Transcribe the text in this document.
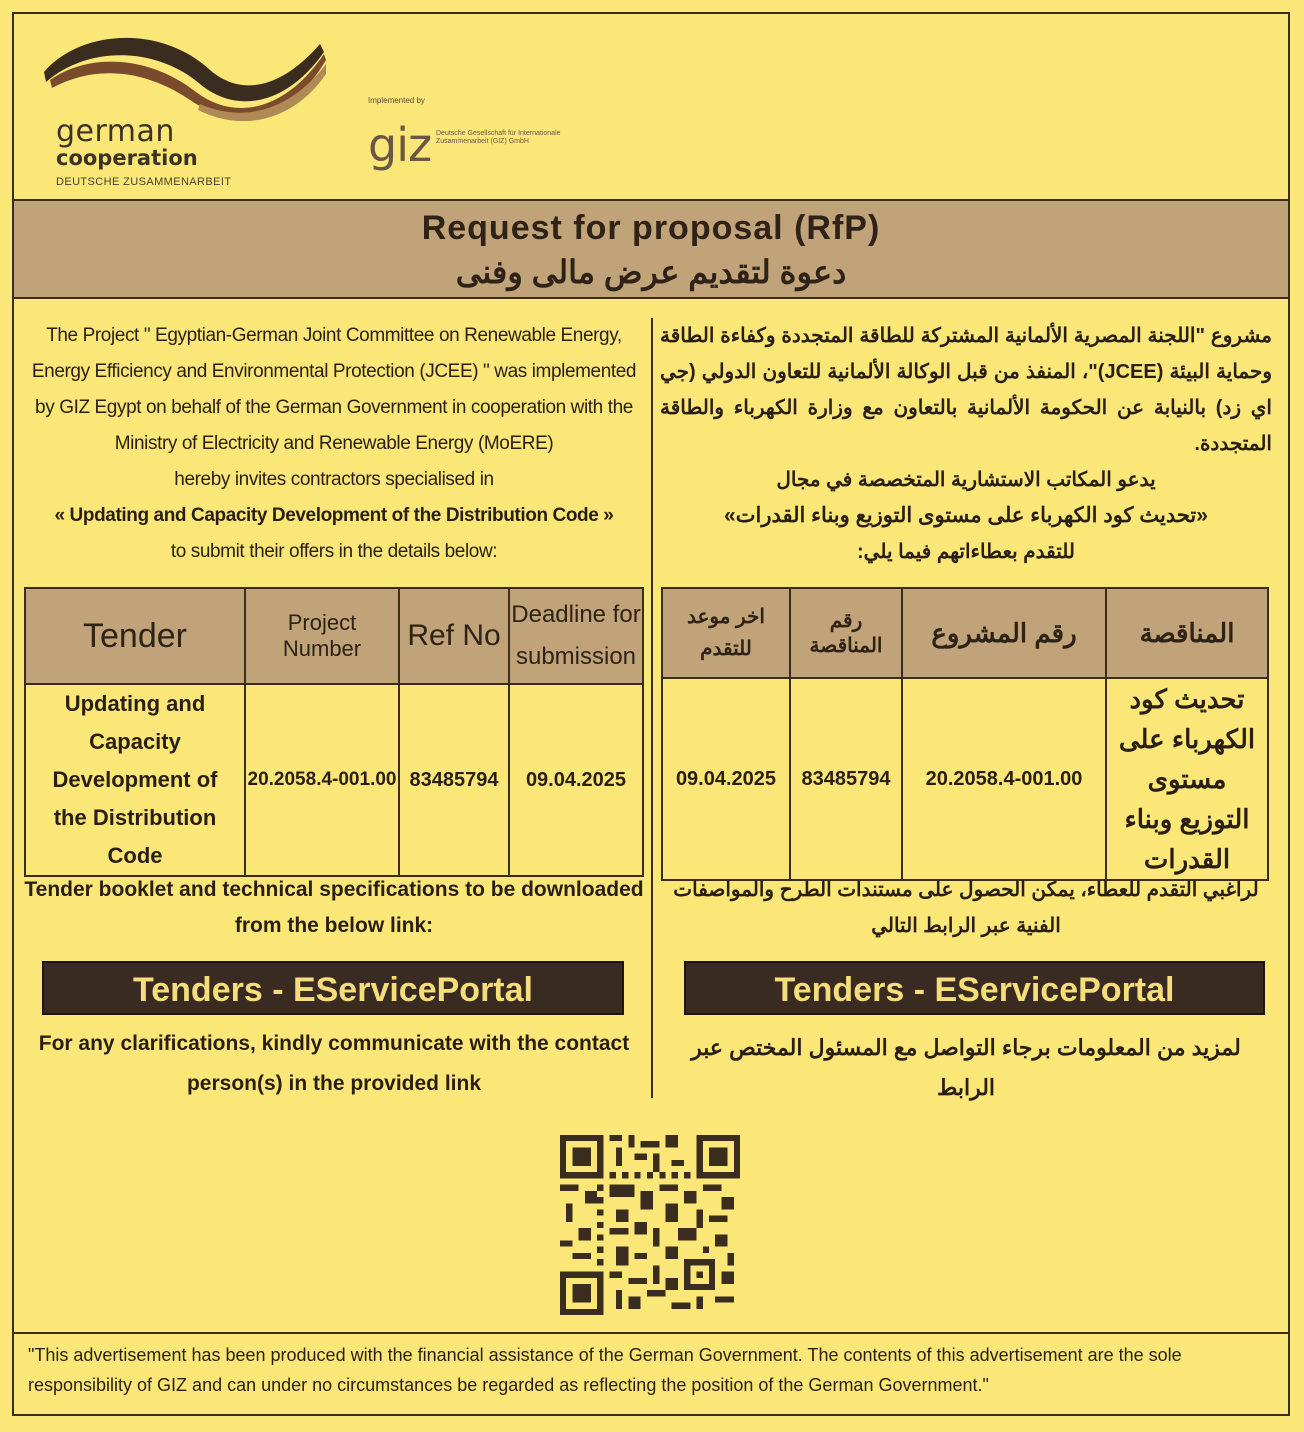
german
cooperation
DEUTSCHE ZUSAMMENARBEIT
Implemented by
giz Deutsche Gesellschaft für Internationale Zusammenarbeit (GIZ) GmbH
Request for proposal (RfP)
دعوة لتقديم عرض مالى وفنى
The Project " Egyptian-German Joint Committee on Renewable Energy, Energy Efficiency and Environmental Protection (JCEE) " was implemented by GIZ Egypt on behalf of the German Government in cooperation with the Ministry of Electricity and Renewable Energy (MoERE)
hereby invites contractors specialised in
« Updating and Capacity Development of the Distribution Code »
to submit their offers in the details below:
Tender	Project Number	Ref No	Deadline for submission
Updating and Capacity Development of the Distribution Code	20.2058.4-001.00	83485794	09.04.2025
Tender booklet and technical specifications to be downloaded from the below link:
Tenders - EServicePortal
For any clarifications, kindly communicate with the contact person(s) in the provided link
مشروع "اللجنة المصرية الألمانية المشتركة للطاقة المتجددة وكفاءة الطاقة وحماية البيئة (JCEE)"، المنفذ من قبل الوكالة الألمانية للتعاون الدولي (جي اي زد) بالنيابة عن الحكومة الألمانية بالتعاون مع وزارة الكهرباء والطاقة المتجددة.
يدعو المكاتب الاستشارية المتخصصة في مجال
«تحديث كود الكهرباء على مستوى التوزيع وبناء القدرات»
للتقدم بعطاءاتهم فيما يلي:
المناقصة	رقم المشروع	رقم المناقصة	اخر موعد للتقدم
تحديث كود الكهرباء على مستوى التوزيع وبناء القدرات	20.2058.4-001.00	83485794	09.04.2025
لراغبي التقدم للعطاء، يمكن الحصول على مستندات الطرح والمواصفات الفنية عبر الرابط التالي
Tenders - EServicePortal
لمزيد من المعلومات برجاء التواصل مع المسئول المختص عبر الرابط
"This advertisement has been produced with the financial assistance of the German Government. The contents of this advertisement are the sole responsibility of GIZ and can under no circumstances be regarded as reflecting the position of the German Government."
